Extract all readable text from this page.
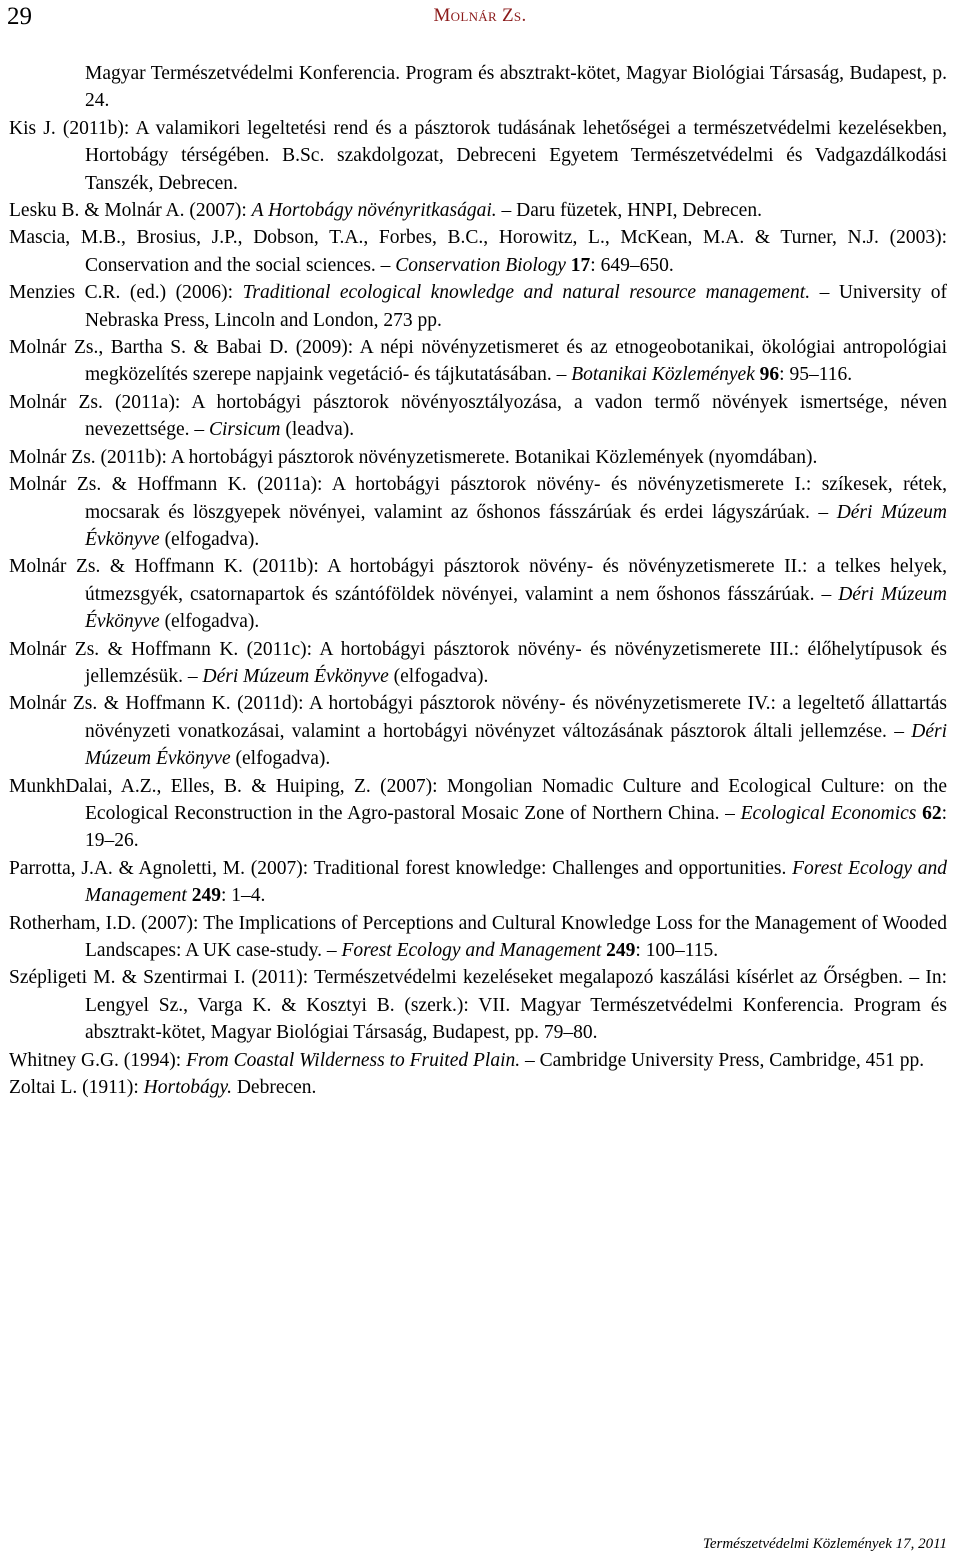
29	Molnár Zs.

Magyar Természetvédelmi Konferencia. Program és absztrakt-kötet, Magyar Biológiai Társaság, Budapest, p. 24.

Kis J. (2011b): A valamikori legeltetési rend és a pásztorok tudásának lehetőségei a természetvédelmi kezelésekben, Hortobágy térségében. B.Sc. szakdolgozat, Debreceni Egyetem Természetvédelmi és Vadgazdálkodási Tanszék, Debrecen.

Lesku B. & Molnár A. (2007): A Hortobágy növényritkaságai. – Daru füzetek, HNPI, Debrecen.

Mascia, M.B., Brosius, J.P., Dobson, T.A., Forbes, B.C., Horowitz, L., McKean, M.A. & Turner, N.J. (2003): Conservation and the social sciences. – Conservation Biology 17: 649–650.

Menzies C.R. (ed.) (2006): Traditional ecological knowledge and natural resource management. – University of Nebraska Press, Lincoln and London, 273 pp.

Molnár Zs., Bartha S. & Babai D. (2009): A népi növényzetismeret és az etnogeobotanikai, ökológiai antropológiai megközelítés szerepe napjaink vegetáció- és tájkutatásában. – Botanikai Közlemények 96: 95–116.

Molnár Zs. (2011a): A hortobágyi pásztorok növényosztályozása, a vadon termő növények ismertsége, néven nevezettsége. – Cirsicum (leadva).

Molnár Zs. (2011b): A hortobágyi pásztorok növényzetismerete. Botanikai Közlemények (nyomdában).

Molnár Zs. & Hoffmann K. (2011a): A hortobágyi pásztorok növény- és növényzetismerete I.: szíkesek, rétek, mocsarak és löszgyepek növényei, valamint az őshonos fásszárúak és erdei lágyszárúak. – Déri Múzeum Évkönyve (elfogadva).

Molnár Zs. & Hoffmann K. (2011b): A hortobágyi pásztorok növény- és növényzetismerete II.: a telkes helyek, útmezsgyék, csatornapartok és szántóföldek növényei, valamint a nem őshonos fásszárúak. – Déri Múzeum Évkönyve (elfogadva).

Molnár Zs. & Hoffmann K. (2011c): A hortobágyi pásztorok növény- és növényzetismerete III.: élőhelytípusok és jellemzésük. – Déri Múzeum Évkönyve (elfogadva).

Molnár Zs. & Hoffmann K. (2011d): A hortobágyi pásztorok növény- és növényzetismerete IV.: a legeltető állattartás növényzeti vonatkozásai, valamint a hortobágyi növényzet változásának pásztorok általi jellemzése. – Déri Múzeum Évkönyve (elfogadva).

MunkhDalai, A.Z., Elles, B. & Huiping, Z. (2007): Mongolian Nomadic Culture and Ecological Culture: on the Ecological Reconstruction in the Agro-pastoral Mosaic Zone of Northern China. – Ecological Economics 62: 19–26.

Parrotta, J.A. & Agnoletti, M. (2007): Traditional forest knowledge: Challenges and opportunities. Forest Ecology and Management 249: 1–4.

Rotherham, I.D. (2007): The Implications of Perceptions and Cultural Knowledge Loss for the Management of Wooded Landscapes: A UK case-study. – Forest Ecology and Management 249: 100–115.

Szépligeti M. & Szentirmai I. (2011): Természetvédelmi kezeléseket megalapozó kaszálási kísérlet az Őrségben. – In: Lengyel Sz., Varga K. & Kosztyi B. (szerk.): VII. Magyar Természetvédelmi Konferencia. Program és absztrakt-kötet, Magyar Biológiai Társaság, Budapest, pp. 79–80.

Whitney G.G. (1994): From Coastal Wilderness to Fruited Plain. – Cambridge University Press, Cambridge, 451 pp.

Zoltai L. (1911): Hortobágy. Debrecen.

Természetvédelmi Közlemények 17, 2011
